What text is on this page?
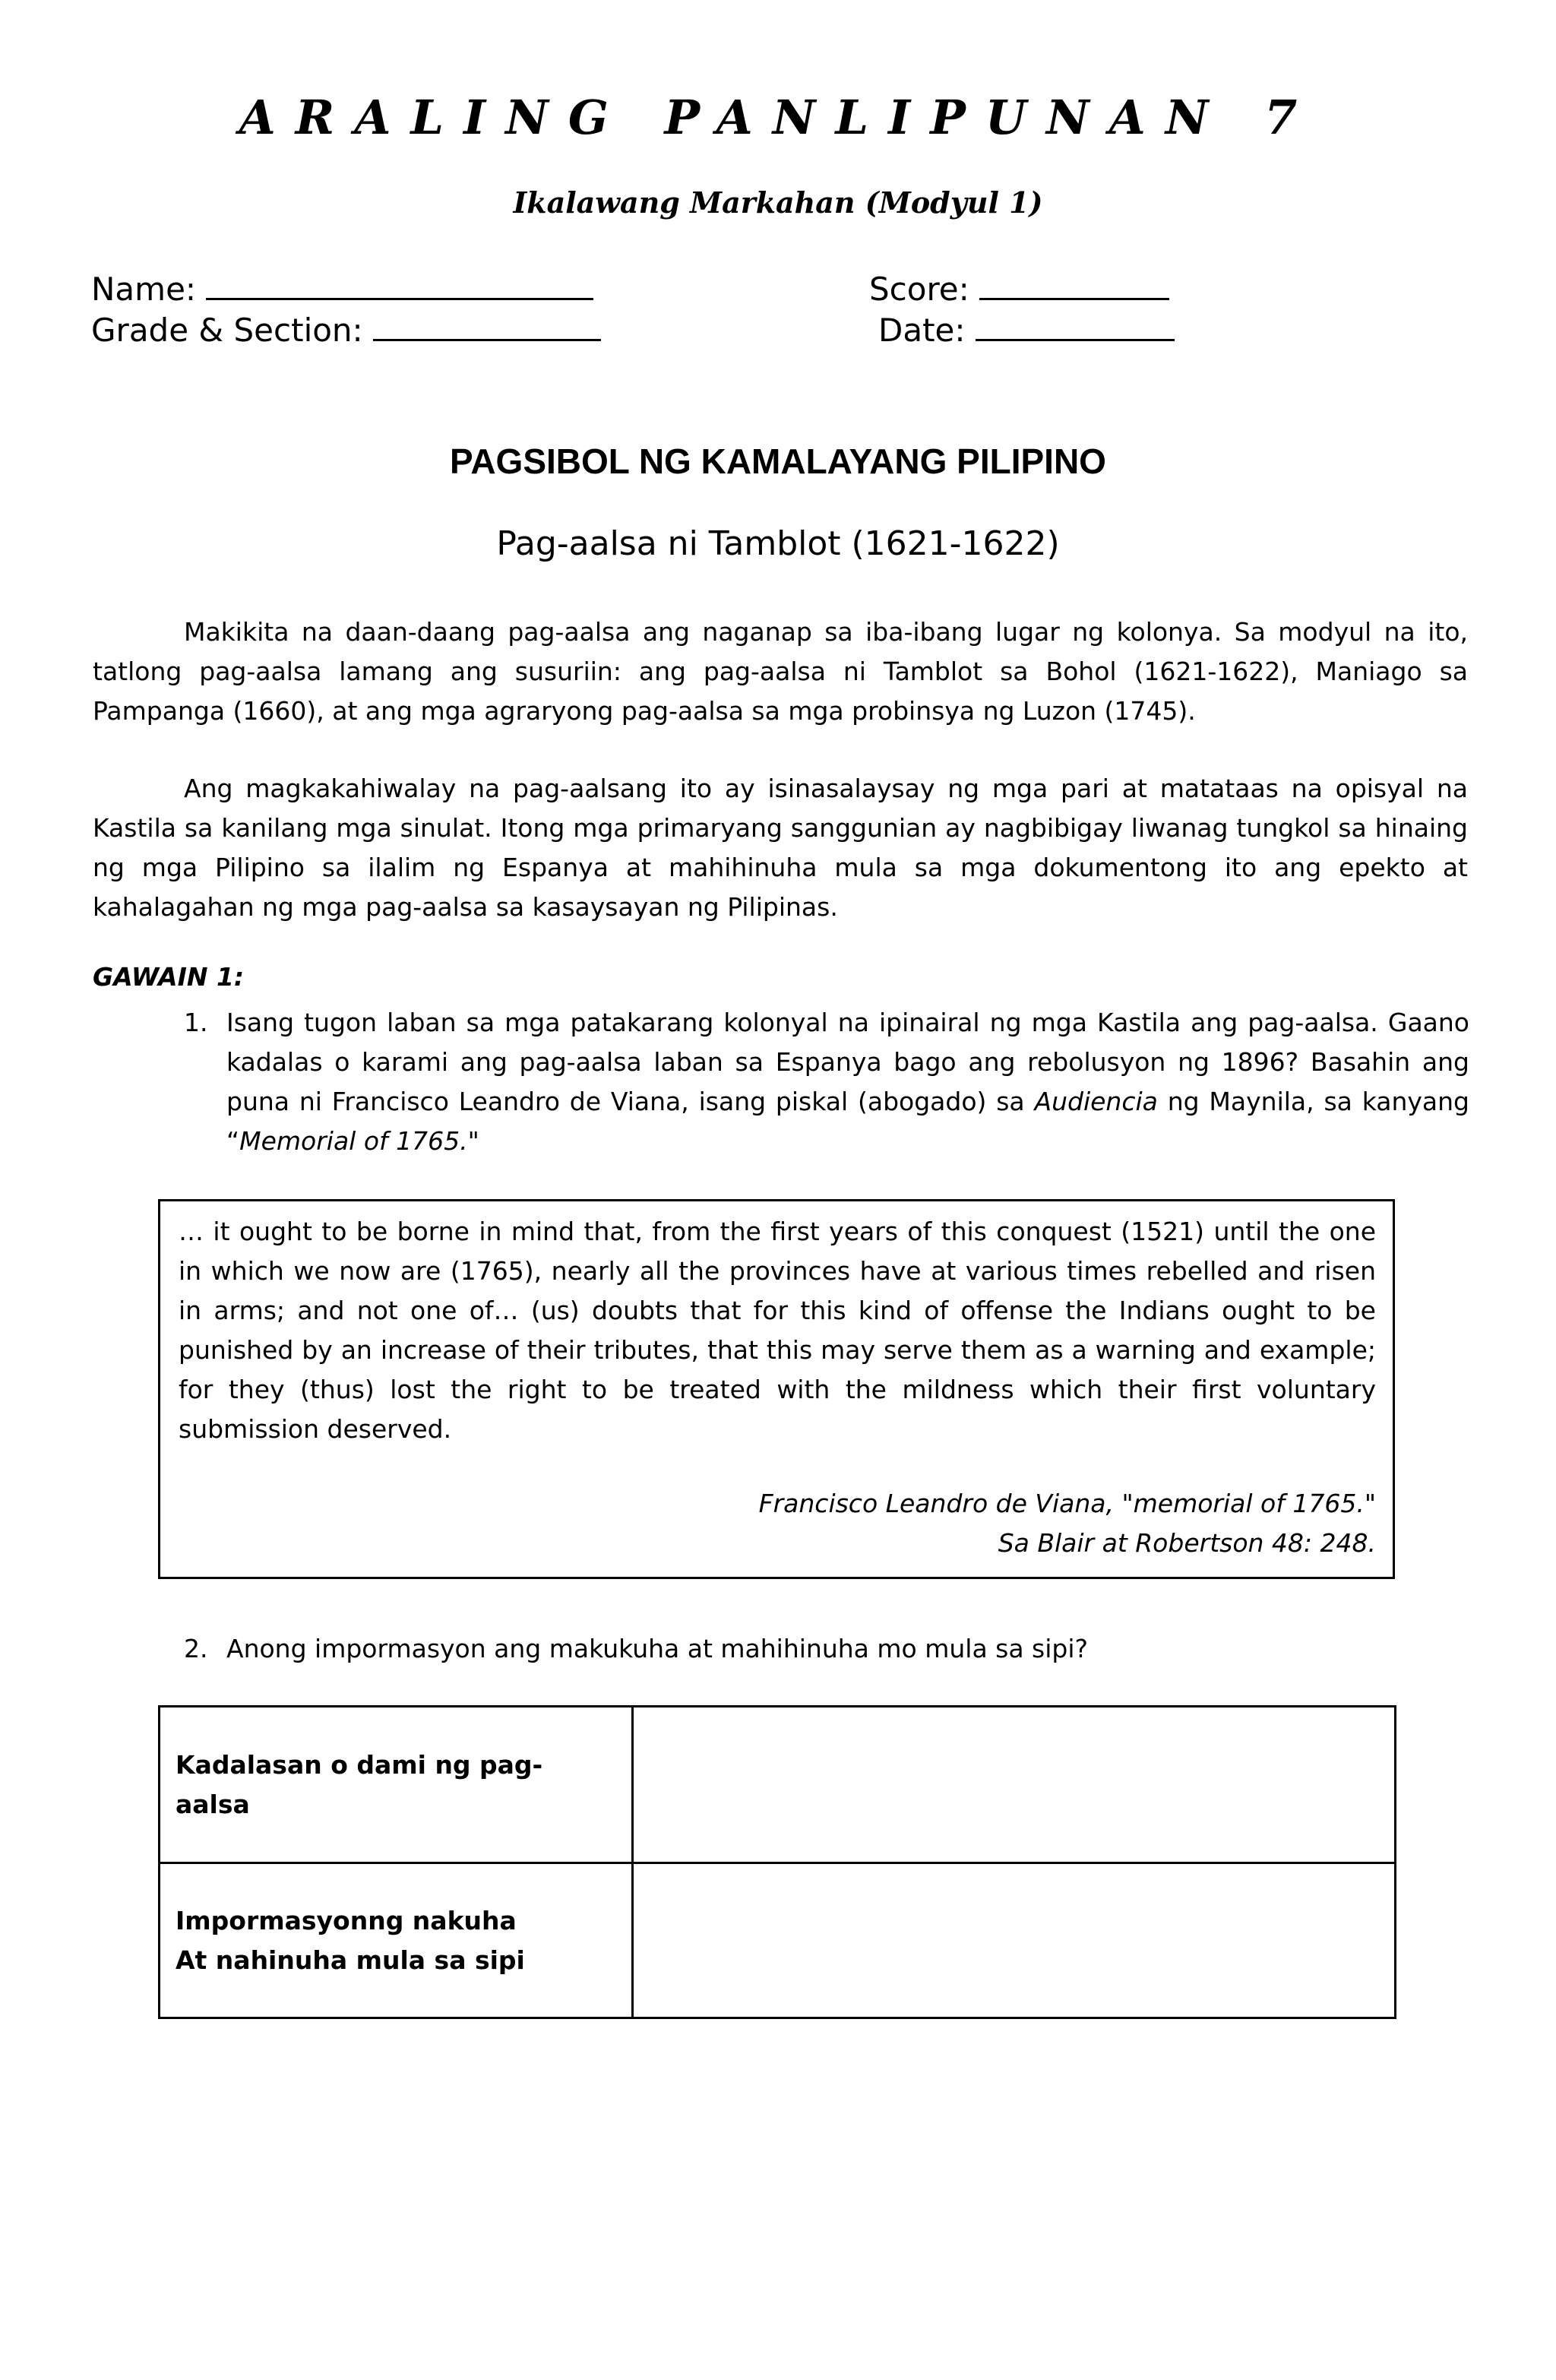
ARALING PANLIPUNAN 7
Ikalawang Markahan (Modyul 1)
Name:
Grade & Section:
Score:
Date:
PAGSIBOL NG KAMALAYANG PILIPINO
Pag-aalsa ni Tamblot (1621-1622)
Makikita na daan-daang pag-aalsa ang naganap sa iba-ibang lugar ng kolonya. Sa modyul na ito, tatlong pag-aalsa lamang ang susuriin: ang pag-aalsa ni Tamblot sa Bohol (1621-1622), Maniago sa Pampanga (1660), at ang mga agraryong pag-aalsa sa mga probinsya ng Luzon (1745).
Ang magkakahiwalay na pag-aalsang ito ay isinasalaysay ng mga pari at matataas na opisyal na Kastila sa kanilang mga sinulat. Itong mga primaryang sanggunian ay nagbibigay liwanag tungkol sa hinaing ng mga Pilipino sa ilalim ng Espanya at mahihinuha mula sa mga dokumentong ito ang epekto at kahalagahan ng mga pag-aalsa sa kasaysayan ng Pilipinas.
GAWAIN 1:
1. Isang tugon laban sa mga patakarang kolonyal na ipinairal ng mga Kastila ang pag-aalsa. Gaano kadalas o karami ang pag-aalsa laban sa Espanya bago ang rebolusyon ng 1896? Basahin ang puna ni Francisco Leandro de Viana, isang piskal (abogado) sa Audiencia ng Maynila, sa kanyang “Memorial of 1765."
… it ought to be borne in mind that, from the first years of this conquest (1521) until the one in which we now are (1765), nearly all the provinces have at various times rebelled and risen in arms; and not one of… (us) doubts that for this kind of offense the Indians ought to be punished by an increase of their tributes, that this may serve them as a warning and example; for they (thus) lost the right to be treated with the mildness which their first voluntary submission deserved.
Francisco Leandro de Viana, "memorial of 1765."
Sa Blair at Robertson 48: 248.
2. Anong impormasyon ang makukuha at mahihinuha mo mula sa sipi?
Kadalasan o dami ng pag-aalsa	

Impormasyonng nakuha
At nahinuha mula sa sipi	
